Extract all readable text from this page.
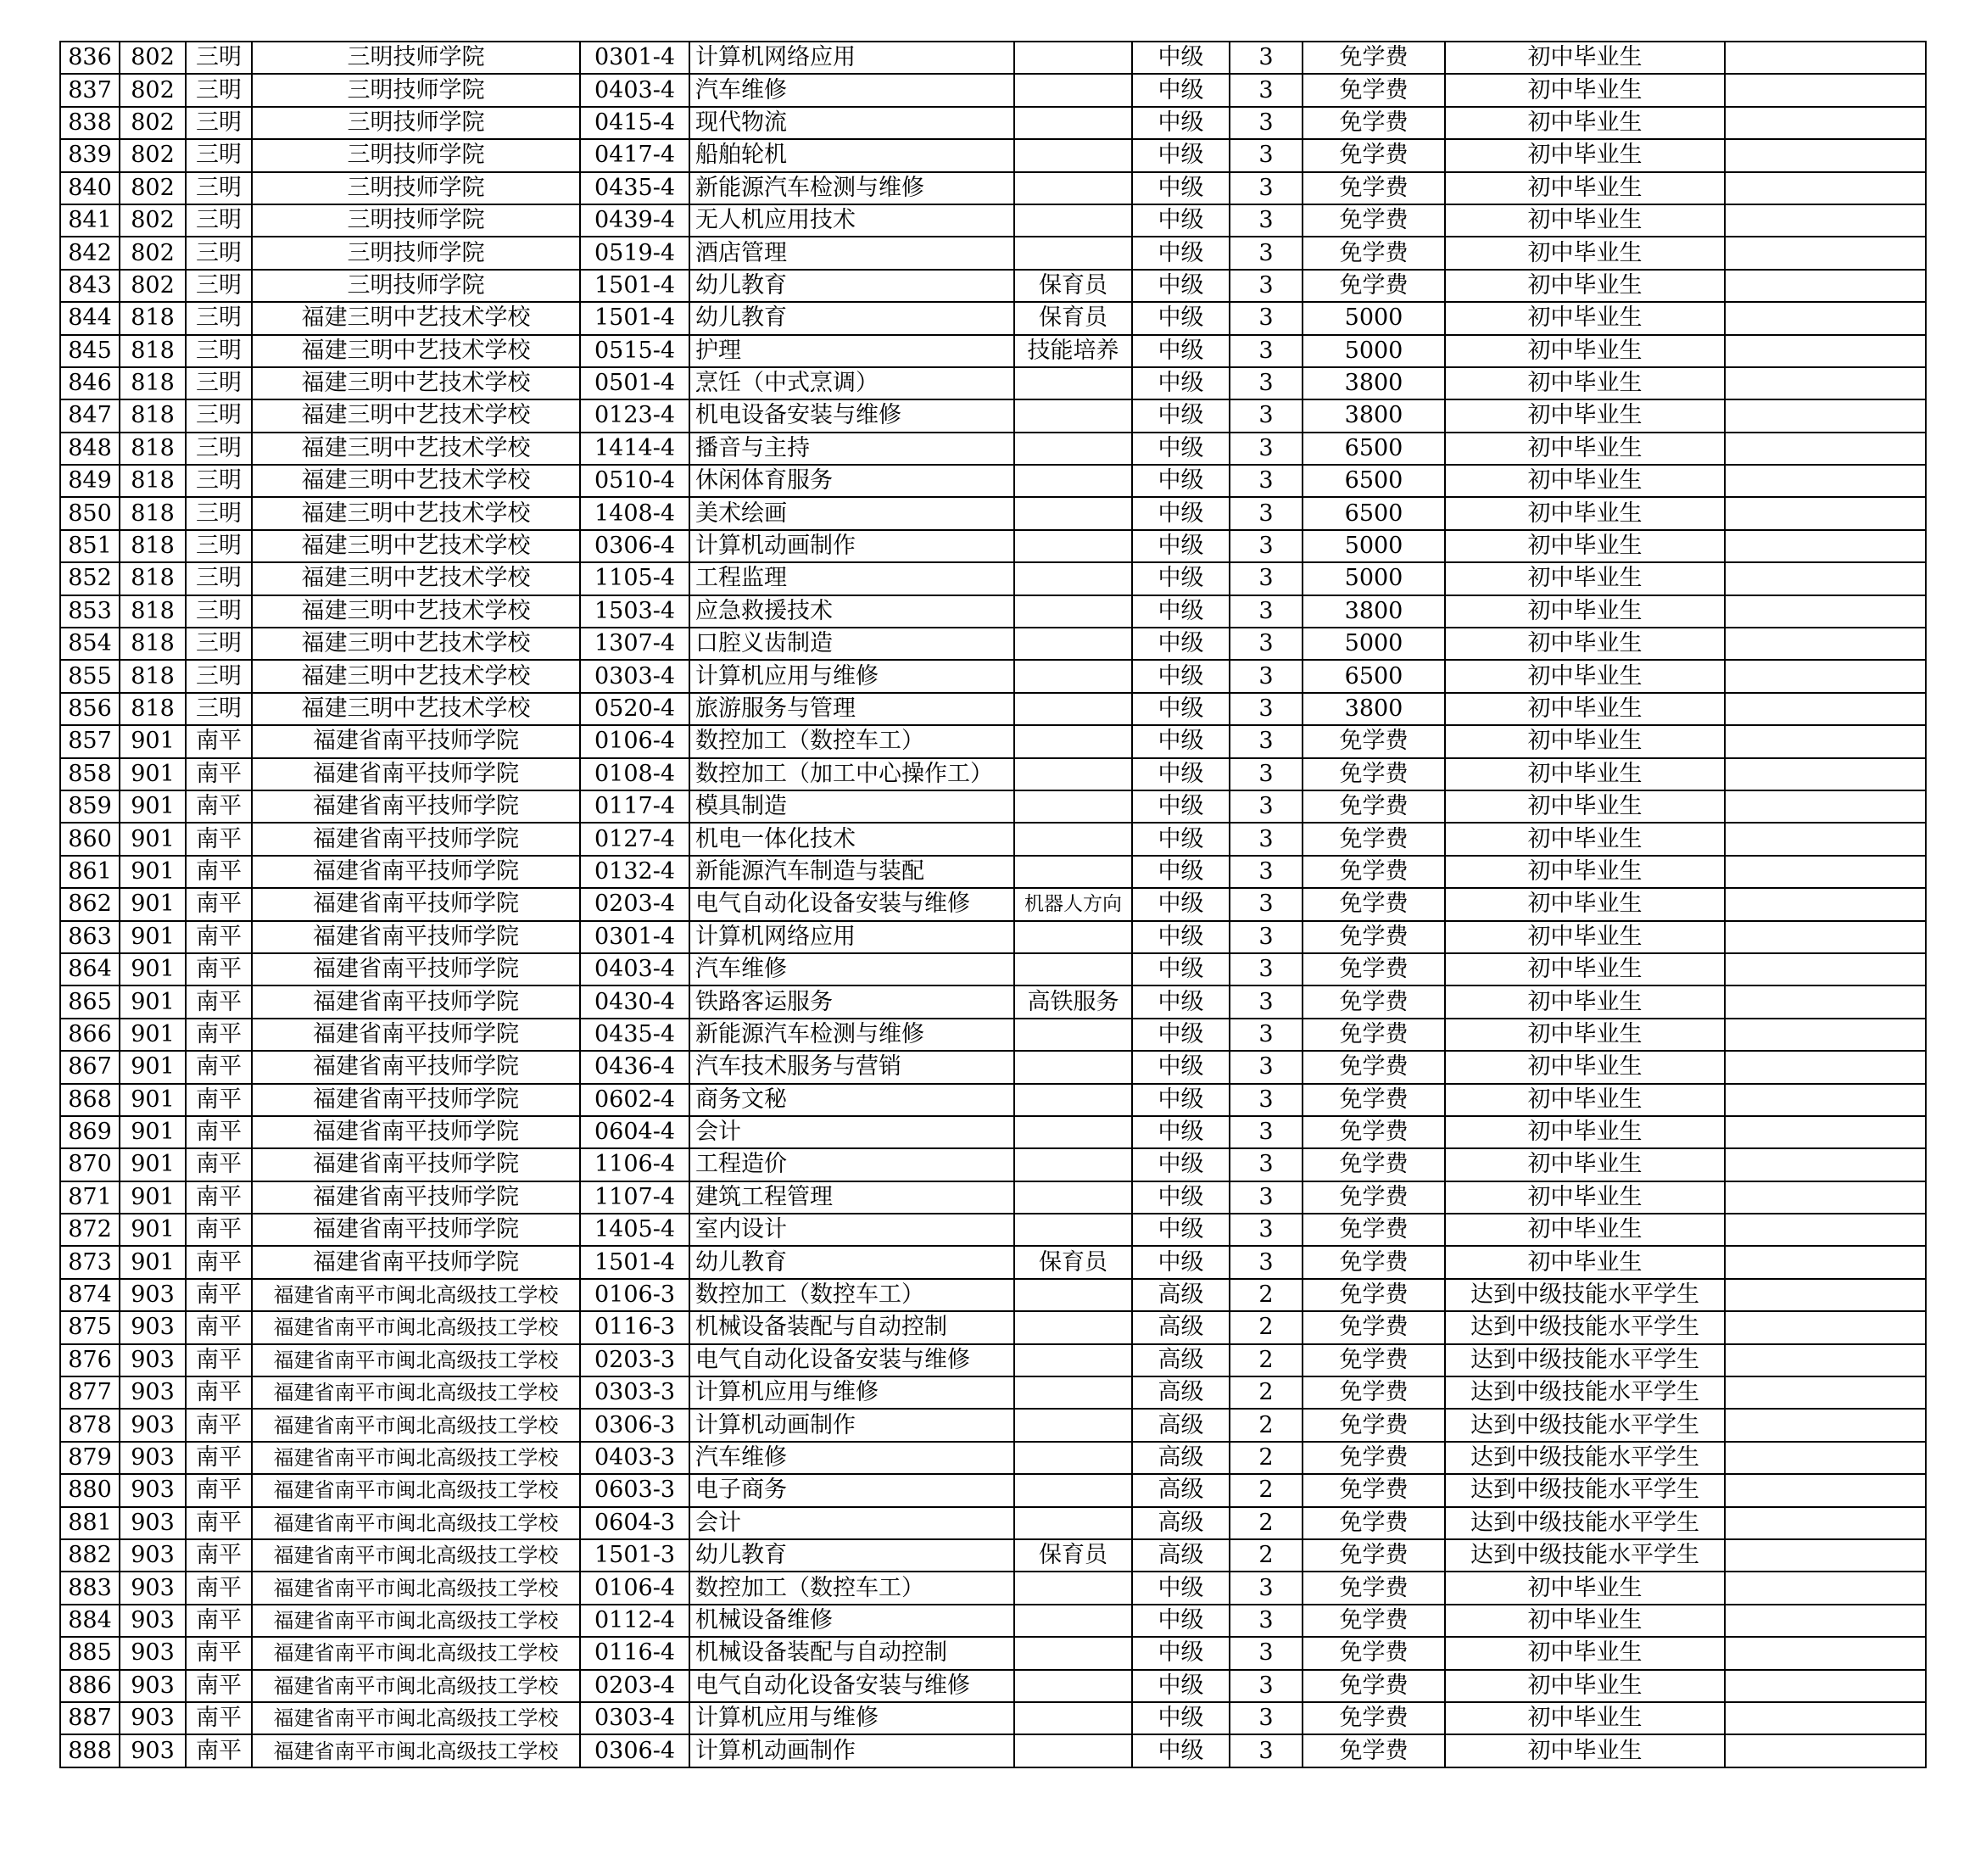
836	802	三明	三明技师学院	0301-4	计算机网络应用		中级	3	免学费	初中毕业生	
837	802	三明	三明技师学院	0403-4	汽车维修		中级	3	免学费	初中毕业生	
838	802	三明	三明技师学院	0415-4	现代物流		中级	3	免学费	初中毕业生	
839	802	三明	三明技师学院	0417-4	船舶轮机		中级	3	免学费	初中毕业生	
840	802	三明	三明技师学院	0435-4	新能源汽车检测与维修		中级	3	免学费	初中毕业生	
841	802	三明	三明技师学院	0439-4	无人机应用技术		中级	3	免学费	初中毕业生	
842	802	三明	三明技师学院	0519-4	酒店管理		中级	3	免学费	初中毕业生	
843	802	三明	三明技师学院	1501-4	幼儿教育	保育员	中级	3	免学费	初中毕业生	
844	818	三明	福建三明中艺技术学校	1501-4	幼儿教育	保育员	中级	3	5000	初中毕业生	
845	818	三明	福建三明中艺技术学校	0515-4	护理	技能培养	中级	3	5000	初中毕业生	
846	818	三明	福建三明中艺技术学校	0501-4	烹饪（中式烹调）		中级	3	3800	初中毕业生	
847	818	三明	福建三明中艺技术学校	0123-4	机电设备安装与维修		中级	3	3800	初中毕业生	
848	818	三明	福建三明中艺技术学校	1414-4	播音与主持		中级	3	6500	初中毕业生	
849	818	三明	福建三明中艺技术学校	0510-4	休闲体育服务		中级	3	6500	初中毕业生	
850	818	三明	福建三明中艺技术学校	1408-4	美术绘画		中级	3	6500	初中毕业生	
851	818	三明	福建三明中艺技术学校	0306-4	计算机动画制作		中级	3	5000	初中毕业生	
852	818	三明	福建三明中艺技术学校	1105-4	工程监理		中级	3	5000	初中毕业生	
853	818	三明	福建三明中艺技术学校	1503-4	应急救援技术		中级	3	3800	初中毕业生	
854	818	三明	福建三明中艺技术学校	1307-4	口腔义齿制造		中级	3	5000	初中毕业生	
855	818	三明	福建三明中艺技术学校	0303-4	计算机应用与维修		中级	3	6500	初中毕业生	
856	818	三明	福建三明中艺技术学校	0520-4	旅游服务与管理		中级	3	3800	初中毕业生	
857	901	南平	福建省南平技师学院	0106-4	数控加工（数控车工）		中级	3	免学费	初中毕业生	
858	901	南平	福建省南平技师学院	0108-4	数控加工（加工中心操作工）		中级	3	免学费	初中毕业生	
859	901	南平	福建省南平技师学院	0117-4	模具制造		中级	3	免学费	初中毕业生	
860	901	南平	福建省南平技师学院	0127-4	机电一体化技术		中级	3	免学费	初中毕业生	
861	901	南平	福建省南平技师学院	0132-4	新能源汽车制造与装配		中级	3	免学费	初中毕业生	
862	901	南平	福建省南平技师学院	0203-4	电气自动化设备安装与维修	机器人方向	中级	3	免学费	初中毕业生	
863	901	南平	福建省南平技师学院	0301-4	计算机网络应用		中级	3	免学费	初中毕业生	
864	901	南平	福建省南平技师学院	0403-4	汽车维修		中级	3	免学费	初中毕业生	
865	901	南平	福建省南平技师学院	0430-4	铁路客运服务	高铁服务	中级	3	免学费	初中毕业生	
866	901	南平	福建省南平技师学院	0435-4	新能源汽车检测与维修		中级	3	免学费	初中毕业生	
867	901	南平	福建省南平技师学院	0436-4	汽车技术服务与营销		中级	3	免学费	初中毕业生	
868	901	南平	福建省南平技师学院	0602-4	商务文秘		中级	3	免学费	初中毕业生	
869	901	南平	福建省南平技师学院	0604-4	会计		中级	3	免学费	初中毕业生	
870	901	南平	福建省南平技师学院	1106-4	工程造价		中级	3	免学费	初中毕业生	
871	901	南平	福建省南平技师学院	1107-4	建筑工程管理		中级	3	免学费	初中毕业生	
872	901	南平	福建省南平技师学院	1405-4	室内设计		中级	3	免学费	初中毕业生	
873	901	南平	福建省南平技师学院	1501-4	幼儿教育	保育员	中级	3	免学费	初中毕业生	
874	903	南平	福建省南平市闽北高级技工学校	0106-3	数控加工（数控车工）		高级	2	免学费	达到中级技能水平学生	
875	903	南平	福建省南平市闽北高级技工学校	0116-3	机械设备装配与自动控制		高级	2	免学费	达到中级技能水平学生	
876	903	南平	福建省南平市闽北高级技工学校	0203-3	电气自动化设备安装与维修		高级	2	免学费	达到中级技能水平学生	
877	903	南平	福建省南平市闽北高级技工学校	0303-3	计算机应用与维修		高级	2	免学费	达到中级技能水平学生	
878	903	南平	福建省南平市闽北高级技工学校	0306-3	计算机动画制作		高级	2	免学费	达到中级技能水平学生	
879	903	南平	福建省南平市闽北高级技工学校	0403-3	汽车维修		高级	2	免学费	达到中级技能水平学生	
880	903	南平	福建省南平市闽北高级技工学校	0603-3	电子商务		高级	2	免学费	达到中级技能水平学生	
881	903	南平	福建省南平市闽北高级技工学校	0604-3	会计		高级	2	免学费	达到中级技能水平学生	
882	903	南平	福建省南平市闽北高级技工学校	1501-3	幼儿教育	保育员	高级	2	免学费	达到中级技能水平学生	
883	903	南平	福建省南平市闽北高级技工学校	0106-4	数控加工（数控车工）		中级	3	免学费	初中毕业生	
884	903	南平	福建省南平市闽北高级技工学校	0112-4	机械设备维修		中级	3	免学费	初中毕业生	
885	903	南平	福建省南平市闽北高级技工学校	0116-4	机械设备装配与自动控制		中级	3	免学费	初中毕业生	
886	903	南平	福建省南平市闽北高级技工学校	0203-4	电气自动化设备安装与维修		中级	3	免学费	初中毕业生	
887	903	南平	福建省南平市闽北高级技工学校	0303-4	计算机应用与维修		中级	3	免学费	初中毕业生	
888	903	南平	福建省南平市闽北高级技工学校	0306-4	计算机动画制作		中级	3	免学费	初中毕业生	
